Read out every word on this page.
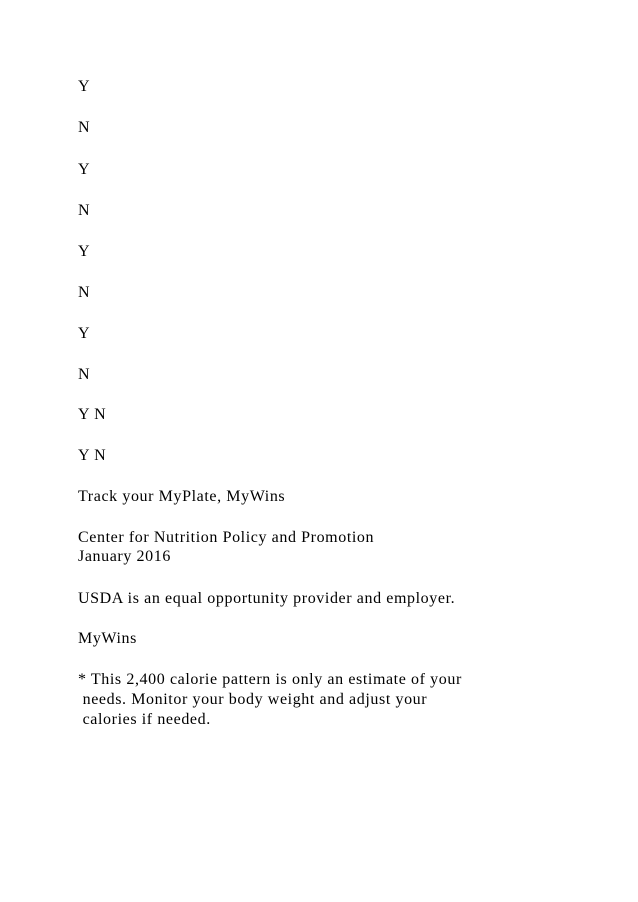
Y
N
Y
N
Y
N
Y
N
Y N
Y N
Track your MyPlate, MyWins
Center for Nutrition Policy and Promotion
January 2016
USDA is an equal opportunity provider and employer.
MyWins
* This 2,400 calorie pattern is only an estimate of your
needs. Monitor your body weight and adjust your
calories if needed.
